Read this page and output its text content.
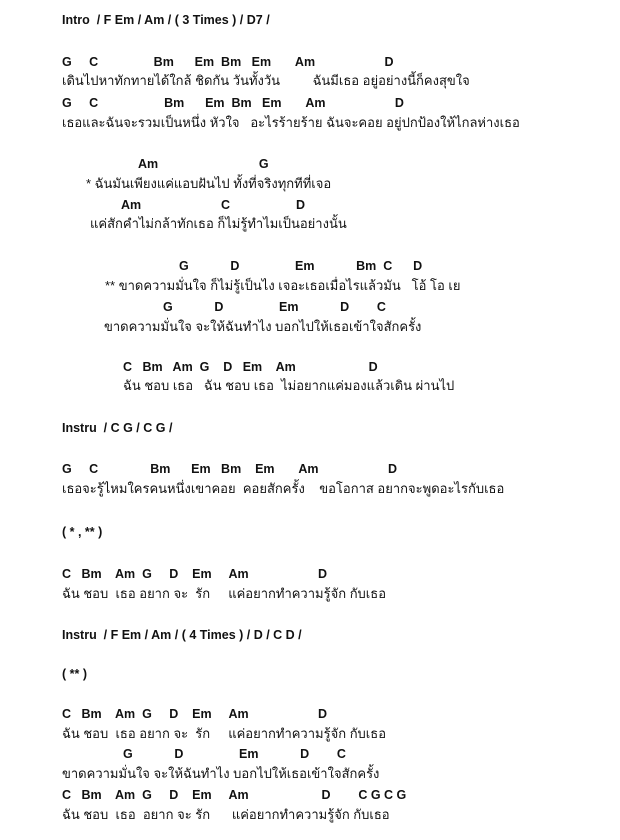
Intro  / F Em / Am / ( 3 Times ) / D7 /
G     C                Bm      Em  Bm   Em       Am                    D
เดินไปหาทักทายได้ใกล้ ชิดกัน วันทั้งวัน         ฉันมีเธอ อยู่อย่างนี้ก็คงสุขใจ
G     C                   Bm      Em  Bm   Em       Am                    D
เธอและฉันจะรวมเป็นหนึ่ง หัวใจ   อะไรร้ายร้าย ฉันจะคอย อยู่ปกป้องให้ไกลห่างเธอ
Am                             G
* ฉันมันเพียงแค่แอบฝันไป ทั้งที่จริงทุกทีที่เจอ
Am                       C                   D
แค่สักคำไม่กล้าทักเธอ ก็ไม่รู้ทำไมเป็นอย่างนั้น
G            D                Em            Bm  C      D
** ขาดความมั่นใจ ก็ไม่รู้เป็นไง เจอะเธอเมื่อไรแล้วมัน   โอ้ โอ เย
G            D                Em            D        C
ขาดความมั่นใจ จะให้ฉันทำไง บอกไปให้เธอเข้าใจสักครั้ง
C   Bm   Am  G    D   Em    Am                     D
ฉัน ชอบ เธอ   ฉัน ชอบ เธอ  ไม่อยากแค่มองแล้วเดิน ผ่านไป
Instru  / C G / C G /
G     C               Bm      Em   Bm    Em       Am                    D
เธอจะรู้ไหมใครคนหนึ่งเขาคอย  คอยสักครั้ง    ขอโอกาส อยากจะพูดอะไรกับเธอ
( * , ** )
C   Bm    Am  G     D    Em     Am                    D
ฉัน ชอบ  เธอ อยาก จะ  รัก     แค่อยากทำความรู้จัก กับเธอ
Instru  / F Em / Am / ( 4 Times ) / D / C D /
( ** )
C   Bm    Am  G     D    Em     Am                    D
ฉัน ชอบ  เธอ อยาก จะ  รัก     แค่อยากทำความรู้จัก กับเธอ
G            D                Em            D        C
ขาดความมั่นใจ จะให้ฉันทำไง บอกไปให้เธอเข้าใจสักครั้ง
C   Bm    Am  G     D    Em     Am                     D        C G C G
ฉัน ชอบ  เธอ  อยาก จะ รัก      แค่อยากทำความรู้จัก กับเธอ
